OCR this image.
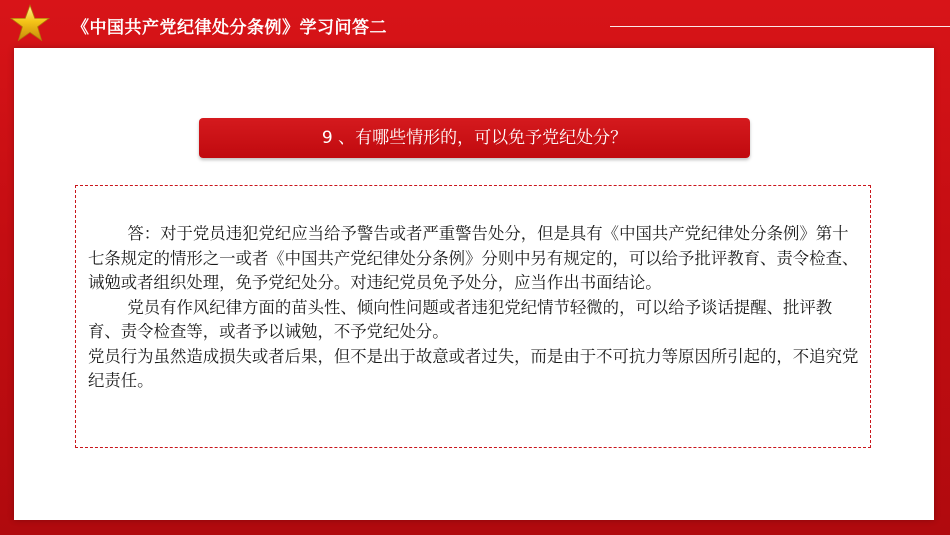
《中国共产党纪律处分条例》学习问答二
9 、有哪些情形的，可以免予党纪处分？

答：对于党员违犯党纪应当给予警告或者严重警告处分，但是具有《中国共产党纪律处分条例》第十七条规定的情形之一或者《中国共产党纪律处分条例》分则中另有规定的，可以给予批评教育、责令检查、诫勉或者组织处理，免予党纪处分。对违纪党员免予处分，应当作出书面结论。

党员有作风纪律方面的苗头性、倾向性问题或者违犯党纪情节轻微的，可以给予谈话提醒、批评教育、责令检查等，或者予以诫勉，不予党纪处分。

党员行为虽然造成损失或者后果，但不是出于故意或者过失，而是由于不可抗力等原因所引起的，不追究党纪责任。
